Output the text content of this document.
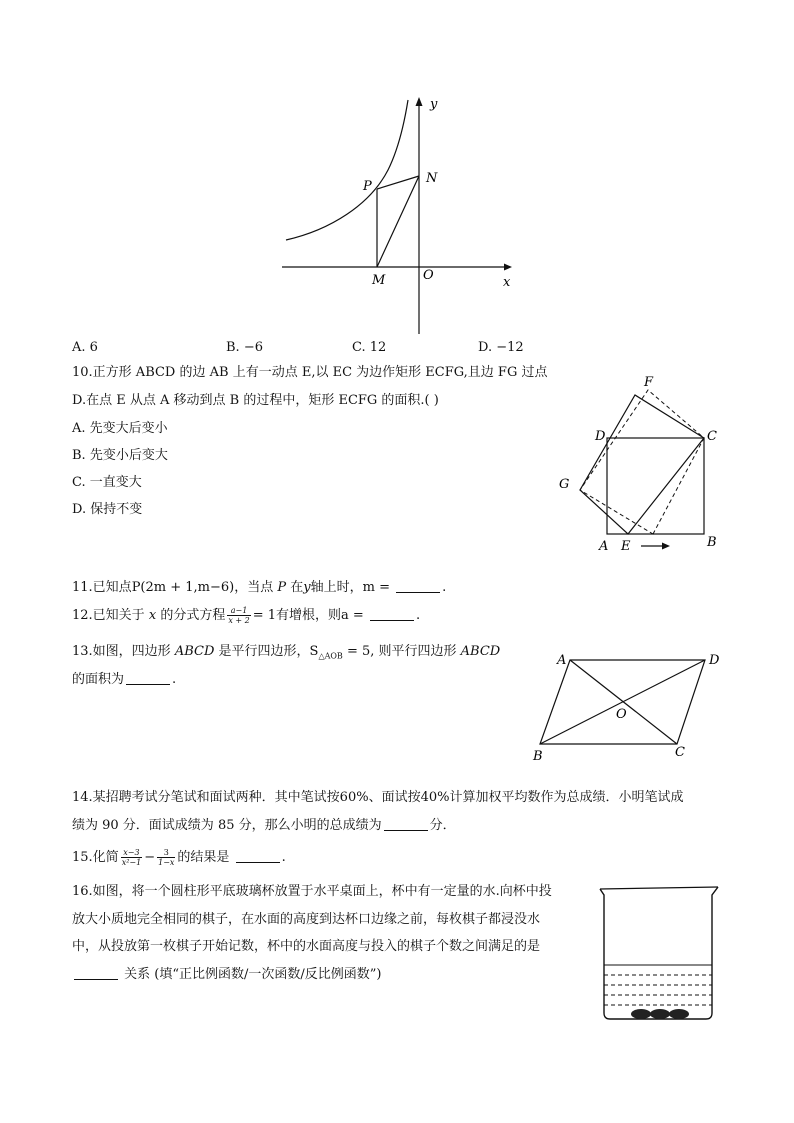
y
P
N
M	O	x
A. 6	B. −6	C. 12	D. −12
10.正方形 ABCD 的边 AB 上有一动点 E,以 EC 为边作矩形 ECFG,且边 FG 过点
D.在点 E 从点 A 移动到点 B 的过程中，矩形 ECFG 的面积.( )
A. 先变大后变小
B. 先变小后变大
C. 一直变大
D. 保持不变
F
D	C
G
A E	B
11.已知点P(2m + 1,m−6)，当点 P 在y轴上时，m =	.
12.已知关于 x 的分式方程 $\frac{a-1}{x + 2} = 1$有增根，则a =	.
13.如图，四边形 ABCD 是平行四边形，$S_{\triangle AOB} = 5$, 则平行四边形 ABCD
的面积为	.
A	D
O
B	C
14.某招聘考试分笔试和面试两种．其中笔试按60%、面试按40%计算加权平均数作为总成绩．小明笔试成
绩为 90 分．面试成绩为 85 分，那么小明的总成绩为	分．
15.化简 $\frac{x-3}{\text{x²−1}} - \frac{3}{1-x}$ 的结果是	.
16.如图，将一个圆柱形平底玻璃杯放置于水平桌面上，杯中有一定量的水.向杯中投
放大小质地完全相同的棋子，在水面的高度到达杯口边缘之前，每枚棋子都浸没水
中，从投放第一枚棋子开始记数，杯中的水面高度与投入的棋子个数之间满足的是
关系 (填“正比例函数/一次函数/反比例函数”)
